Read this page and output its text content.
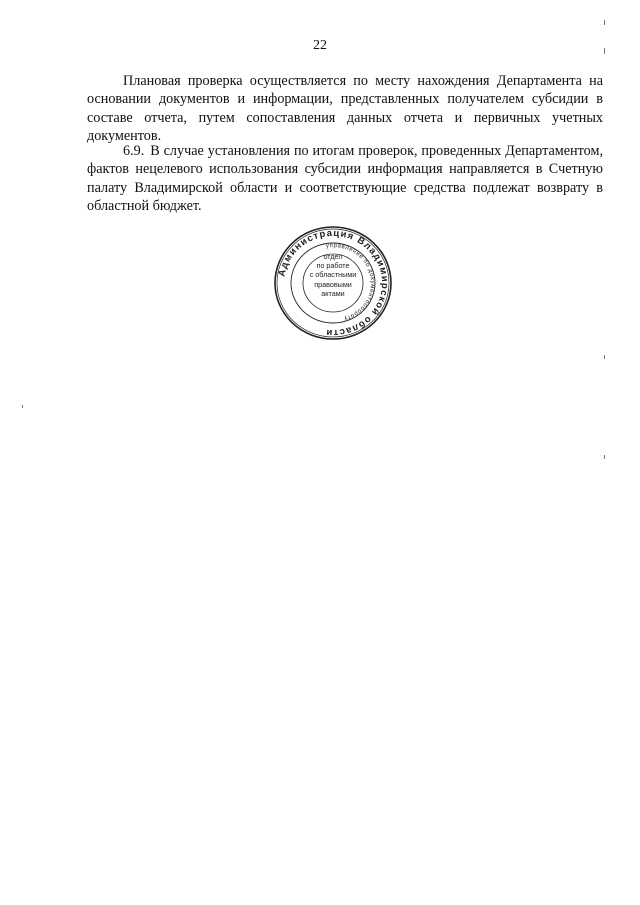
22

Плановая проверка осуществляется по месту нахождения Департамента на основании документов и информации, представленных получателем субсидии в составе отчета, путем сопоставления данных отчета и первичных учетных документов.

6.9. В случае установления по итогам проверок, проведенных Департаментом, фактов нецелевого использования субсидии информация направляется в Счетную палату Владимирской области и соответствующие средства подлежат возврату в областной бюджет.

Администрация Владимирской области
управление по документообороту
отдел
по работе
с областными
правовыми
актами
